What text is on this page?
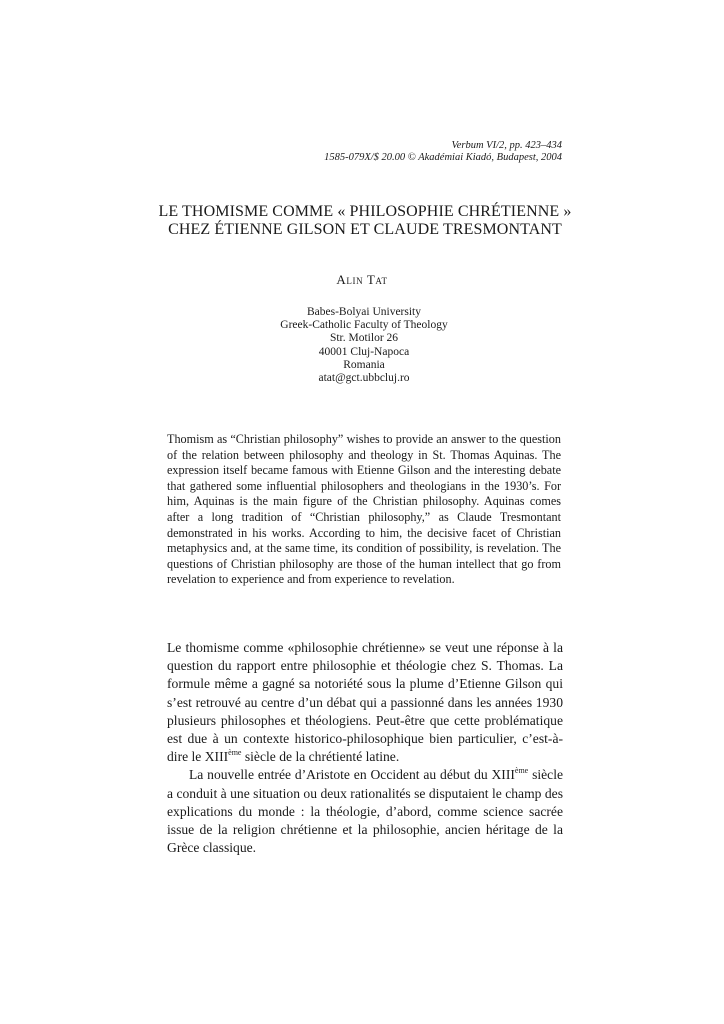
Verbum VI/2, pp. 423–434
1585-079X/$ 20.00 © Akadémiai Kiadó, Budapest, 2004
LE THOMISME COMME « PHILOSOPHIE CHRÉTIENNE »
CHEZ ÉTIENNE GILSON ET CLAUDE TRESMONTANT
Alin Tat
Babes-Bolyai University
Greek-Catholic Faculty of Theology
Str. Motilor 26
40001 Cluj-Napoca
Romania
atat@gct.ubbcluj.ro
Thomism as “Christian philosophy” wishes to provide an answer to the question of the relation between philosophy and theology in St. Thomas Aquinas. The expression itself became famous with Etienne Gilson and the interesting debate that gathered some influential philosophers and theologians in the 1930’s. For him, Aquinas is the main figure of the Christian philosophy. Aquinas comes after a long tradition of “Christian philosophy,” as Claude Tresmontant demonstrated in his works. According to him, the decisive facet of Christian metaphysics and, at the same time, its condition of possibility, is revelation. The questions of Christian philosophy are those of the human intellect that go from revelation to experience and from experience to revelation.

Le thomisme comme «philosophie chrétienne» se veut une réponse à la question du rapport entre philosophie et théologie chez S. Thomas. La formule même a gagné sa notoriété sous la plume d’Etienne Gilson qui s’est retrouvé au centre d’un débat qui a passionné dans les années 1930 plusieurs philosophes et théologiens. Peut-être que cette problématique est due à un contexte historico-philosophique bien particulier, c’est-à-dire le XIIIème siècle de la chrétienté latine.

La nouvelle entrée d’Aristote en Occident au début du XIIIème siècle a conduit à une situation ou deux rationalités se disputaient le champ des explications du monde : la théologie, d’abord, comme science sacrée issue de la religion chrétienne et la philosophie, ancien héritage de la Grèce classique.
